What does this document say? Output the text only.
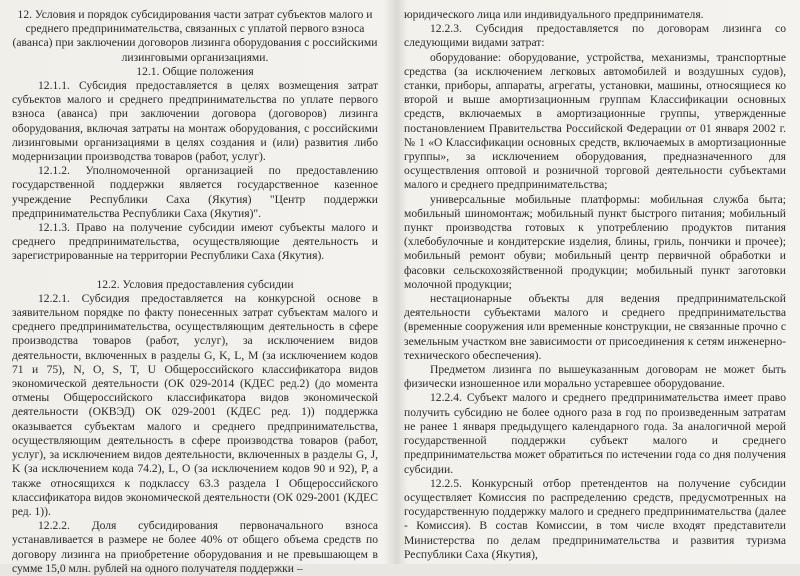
12. Условия и порядок субсидирования части затрат субъектов малого и среднего предпринимательства, связанных с уплатой первого взноса (аванса) при заключении договоров лизинга оборудования с российскими лизинговыми организациями.

12.1. Общие положения

12.1.1. Субсидия предоставляется в целях возмещения затрат субъектов малого и среднего предпринимательства по уплате первого взноса (аванса) при заключении договора (договоров) лизинга оборудования, включая затраты на монтаж оборудования, с российскими лизинговыми организациями в целях создания и (или) развития либо модернизации производства товаров (работ, услуг).

12.1.2. Уполномоченной организацией по предоставлению государственной поддержки является государственное казенное учреждение Республики Саха (Якутия) "Центр поддержки предпринимательства Республики Саха (Якутия)".

12.1.3. Право на получение субсидии имеют субъекты малого и среднего предпринимательства, осуществляющие деятельность и зарегистрированные на территории Республики Саха (Якутия).

12.2. Условия предоставления субсидии

12.2.1. Субсидия предоставляется на конкурсной основе в заявительном порядке по факту понесенных затрат субъектам малого и среднего предпринимательства, осуществляющим деятельность в сфере производства товаров (работ, услуг), за исключением видов деятельности, включенных в разделы G, K, L, M (за исключением кодов 71 и 75), N, O, S, T, U Общероссийского классификатора видов экономической деятельности (ОК 029-2014 (КДЕС ред.2) (до момента отмены Общероссийского классификатора видов экономической деятельности (ОКВЭД) ОК 029-2001 (КДЕС ред. 1)) поддержка оказывается субъектам малого и среднего предпринимательства, осуществляющим деятельность в сфере производства товаров (работ, услуг), за исключением видов деятельности, включенных в разделы G, J, K (за исключением кода 74.2), L, O (за исключением кодов 90 и 92), P, а также относящихся к подклассу 63.3 раздела I Общероссийского классификатора видов экономической деятельности (ОК 029-2001 (КДЕС ред. 1)).

12.2.2. Доля субсидирования первоначального взноса устанавливается в размере не более 40% от общего объема средств по договору лизинга на приобретение оборудования и не превышающем в сумме 15,0 млн. рублей на одного получателя поддержки –

юридического лица или индивидуального предпринимателя.

12.2.3. Субсидия предоставляется по договорам лизинга со следующими видами затрат:

оборудование: оборудование, устройства, механизмы, транспортные средства (за исключением легковых автомобилей и воздушных судов), станки, приборы, аппараты, агрегаты, установки, машины, относящиеся ко второй и выше амортизационным группам Классификации основных средств, включаемых в амортизационные группы, утвержденные постановлением Правительства Российской Федерации от 01 января 2002 г. № 1 «О Классификации основных средств, включаемых в амортизационные группы», за исключением оборудования, предназначенного для осуществления оптовой и розничной торговой деятельности субъектами малого и среднего предпринимательства;

универсальные мобильные платформы: мобильная служба быта; мобильный шиномонтаж; мобильный пункт быстрого питания; мобильный пункт производства готовых к употреблению продуктов питания (хлебобулочные и кондитерские изделия, блины, гриль, пончики и прочее); мобильный ремонт обуви; мобильный центр первичной обработки и фасовки сельскохозяйственной продукции; мобильный пункт заготовки молочной продукции;

нестационарные объекты для ведения предпринимательской деятельности субъектами малого и среднего предпринимательства (временные сооружения или временные конструкции, не связанные прочно с земельным участком вне зависимости от присоединения к сетям инженерно-технического обеспечения).

Предметом лизинга по вышеуказанным договорам не может быть физически изношенное или морально устаревшее оборудование.

12.2.4. Субъект малого и среднего предпринимательства имеет право получить субсидию не более одного раза в год по произведенным затратам не ранее 1 января предыдущего календарного года. За аналогичной мерой государственной поддержки субъект малого и среднего предпринимательства может обратиться по истечении года со дня получения субсидии.

12.2.5. Конкурсный отбор претендентов на получение субсидии осуществляет Комиссия по распределению средств, предусмотренных на государственную поддержку малого и среднего предпринимательства (далее - Комиссия). В состав Комиссии, в том числе входят представители Министерства по делам предпринимательства и развития туризма Республики Саха (Якутия),
